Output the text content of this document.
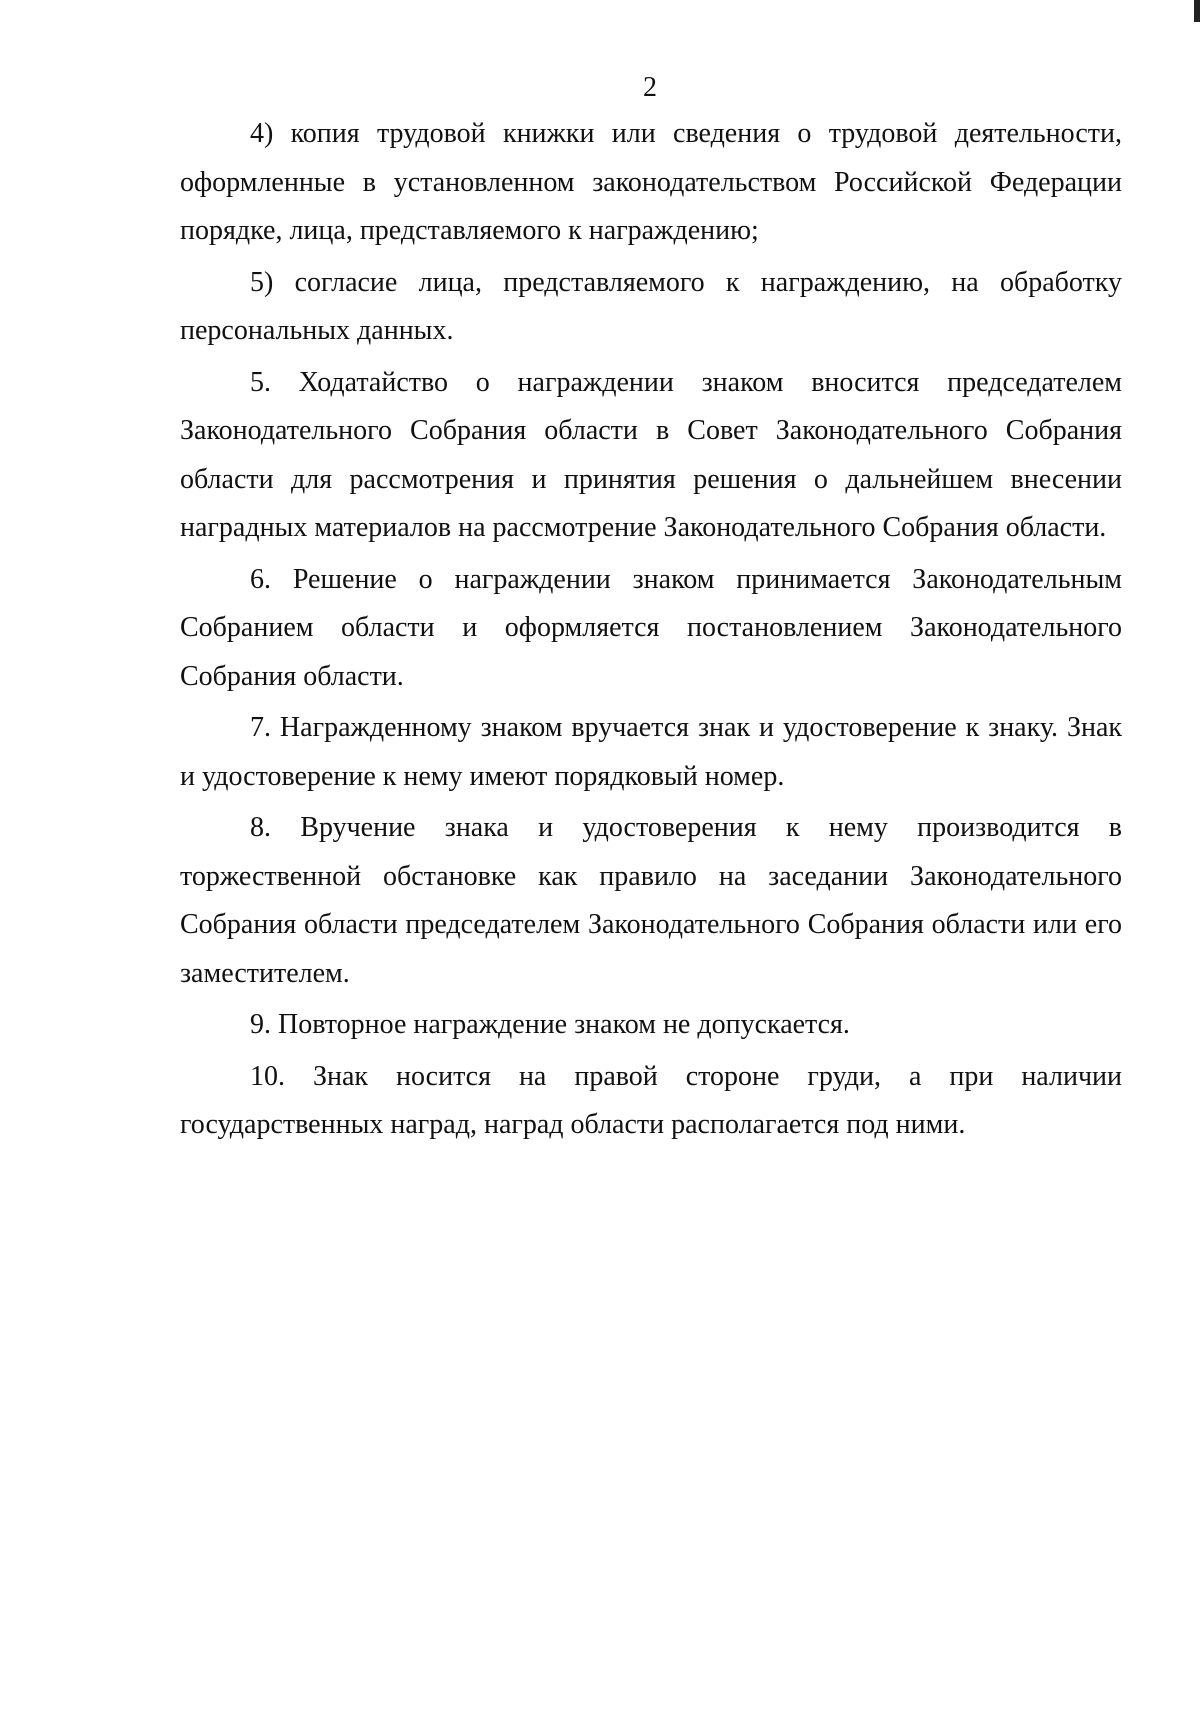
2

4) копия трудовой книжки или сведения о трудовой деятельности, оформленные в установленном законодательством Российской Федерации порядке, лица, представляемого к награждению;

5) согласие лица, представляемого к награждению, на обработку персональных данных.

5. Ходатайство о награждении знаком вносится председателем Законодательного Собрания области в Совет Законодательного Собрания области для рассмотрения и принятия решения о дальнейшем внесении наградных материалов на рассмотрение Законодательного Собрания области.

6. Решение о награждении знаком принимается Законодательным Собранием области и оформляется постановлением Законодательного Собрания области.

7. Награжденному знаком вручается знак и удостоверение к знаку. Знак и удостоверение к нему имеют порядковый номер.

8. Вручение знака и удостоверения к нему производится в торжественной обстановке как правило на заседании Законодательного Собрания области председателем Законодательного Собрания области или его заместителем.

9. Повторное награждение знаком не допускается.

10. Знак носится на правой стороне груди, а при наличии государственных наград, наград области располагается под ними.
